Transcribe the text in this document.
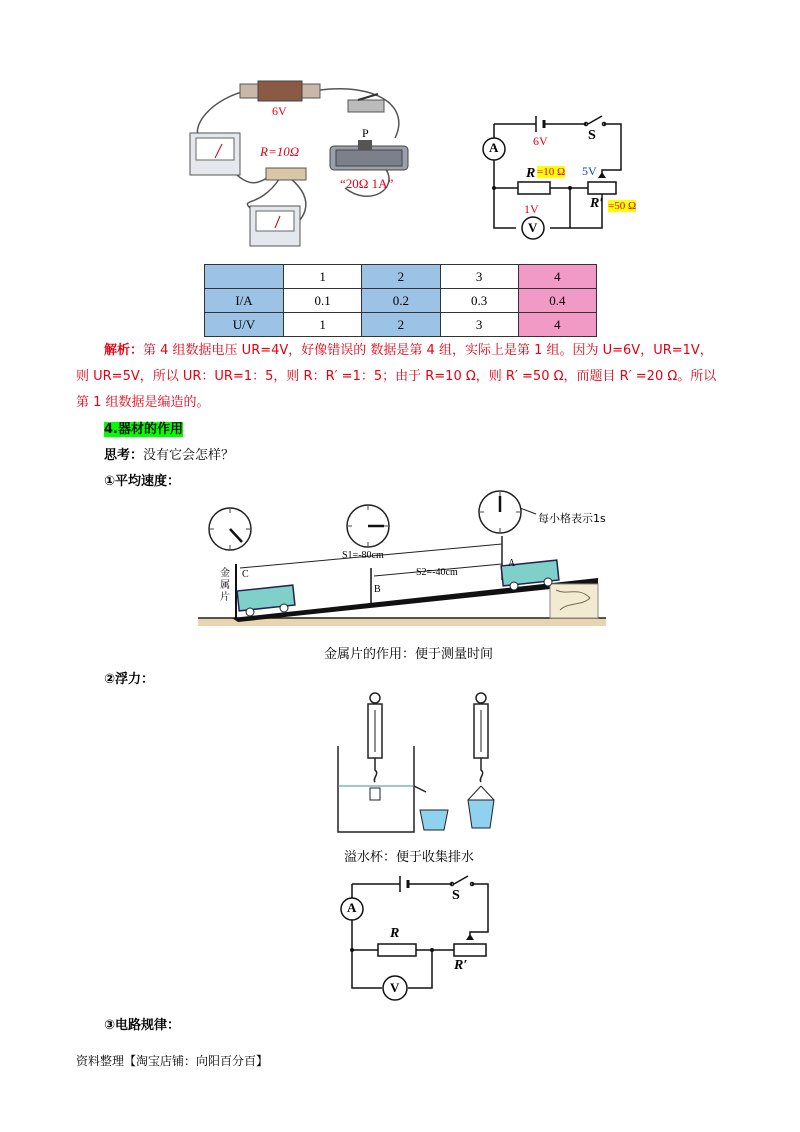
6V
R=10Ω
P
“20Ω 1A”
A	6V	S
R =10 Ω 5V
R′ =50 Ω
1V
V
	1	2	3	4
I/A	0.1	0.2	0.3	0.4
U/V	1	2	3	4
解析：第 4 组数据电压 UR=4V，好像错误的 数据是第 4 组，实际上是第 1 组。因为 U=6V，UR=1V，
则 UR=5V，所以 UR：UR=1：5，则 R：R′ =1：5；由于 R=10 Ω，则 R′ =50 Ω，而题目 R′ =20 Ω。所以
第 1 组数据是编造的。
4.器材的作用
思考：没有它会怎样？
①平均速度：
每小格表示1s
S1=-80cm
S2=-40cm
C
B
A
金属片
金属片的作用：便于测量时间
②浮力：
溢水杯：便于收集排水
A
S
R
R′
V
③电路规律：
资料整理【淘宝店铺：向阳百分百】
